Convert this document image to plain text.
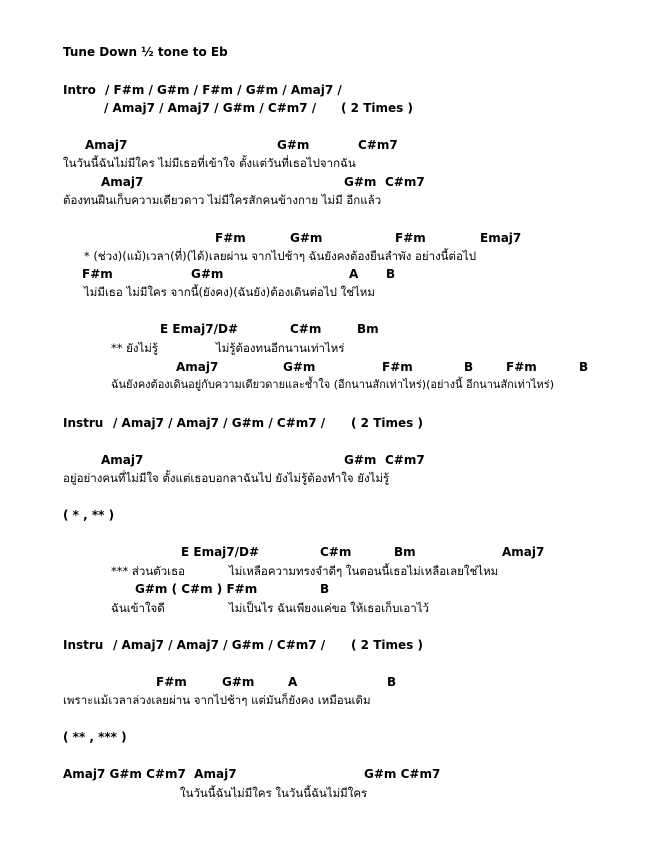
Tune Down ½ tone to Eb
Intro / F#m / G#m / F#m / G#m / Amaj7 /
/ Amaj7 / Amaj7 / G#m / C#m7 / ( 2 Times )
Amaj7	G#m	C#m7
ในวันนี้ฉันไม่มีใคร ไม่มีเธอที่เข้าใจ ตั้งแต่วันที่เธอไปจากฉัน
Amaj7	G#m C#m7
ต้องทนฝืนเก็บความเดียวดาว ไม่มีใครสักคนข้างกาย ไม่มี อีกแล้ว
F#m	G#m	F#m	Emaj7
* (ช่วง)(แม้)เวลา(ที่)(ได้)เลยผ่าน จากไปช้าๆ ฉันยังคงต้องยืนลำพัง อย่างนี้ต่อไป
F#m	G#m	A B
ไม่มีเธอ ไม่มีใคร จากนี้(ยังคง)(ฉันยัง)ต้องเดินต่อไป ใช่ไหม
E Emaj7/D#	C#m	Bm
** ยังไม่รู้	ไม่รู้ต้องทนอีกนานเท่าไหร่
Amaj7	G#m	F#m	B	F#m	B
ฉันยังคงต้องเดินอยู่กับความเดียวดายและช้ำใจ (อีกนานสักเท่าไหร่)(อย่างนี้ อีกนานสักเท่าไหร่)
Instru / Amaj7 / Amaj7 / G#m / C#m7 / ( 2 Times )
Amaj7	G#m C#m7
อยู่อย่างคนที่ไม่มีใจ ตั้งแต่เธอบอกลาฉันไป ยังไม่รู้ต้องทำใจ ยังไม่รู้
( * , ** )
E Emaj7/D#	C#m	Bm	Amaj7
*** ส่วนตัวเธอ	ไม่เหลือความทรงจำดีๆ ในตอนนี้เธอไม่เหลือเลยใช่ไหม
G#m ( C#m ) F#m	B
ฉันเข้าใจดี	ไม่เป็นไร ฉันเพียงแค่ขอ ให้เธอเก็บเอาไว้
Instru / Amaj7 / Amaj7 / G#m / C#m7 / ( 2 Times )
F#m	G#m	A	B
เพราะแม้เวลาล่วงเลยผ่าน จากไปช้าๆ แต่มันก็ยังคง เหมือนเดิม
( ** , *** )
Amaj7 G#m C#m7  Amaj7	G#m C#m7
ในวันนี้ฉันไม่มีใคร ในวันนี้ฉันไม่มีใคร
